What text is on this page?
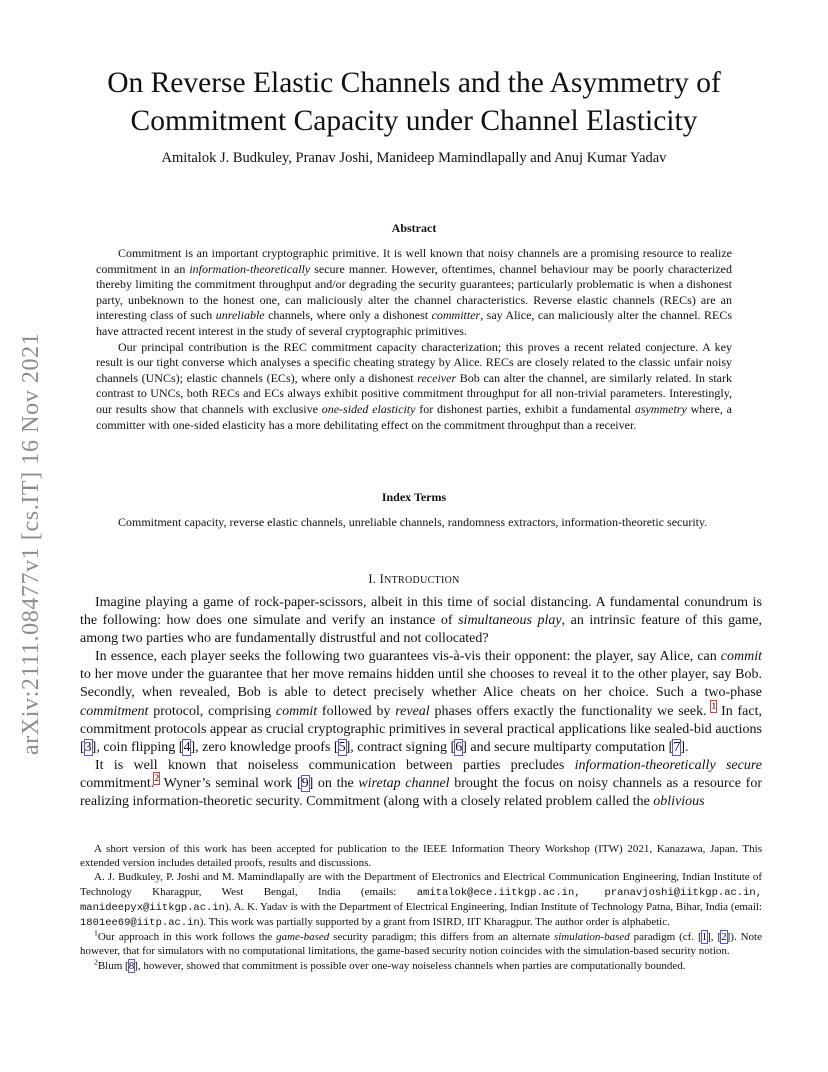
arXiv:2111.08477v1 [cs.IT] 16 Nov 2021
On Reverse Elastic Channels and the Asymmetry of Commitment Capacity under Channel Elasticity
Amitalok J. Budkuley, Pranav Joshi, Manideep Mamindlapally and Anuj Kumar Yadav
Abstract

Commitment is an important cryptographic primitive. It is well known that noisy channels are a promising resource to realize commitment in an information-theoretically secure manner. However, oftentimes, channel behaviour may be poorly characterized thereby limiting the commitment throughput and/or degrading the security guarantees; particularly problematic is when a dishonest party, unbeknown to the honest one, can maliciously alter the channel characteristics. Reverse elastic channels (RECs) are an interesting class of such unreliable channels, where only a dishonest committer, say Alice, can maliciously alter the channel. RECs have attracted recent interest in the study of several cryptographic primitives.

Our principal contribution is the REC commitment capacity characterization; this proves a recent related conjecture. A key result is our tight converse which analyses a specific cheating strategy by Alice. RECs are closely related to the classic unfair noisy channels (UNCs); elastic channels (ECs), where only a dishonest receiver Bob can alter the channel, are similarly related. In stark contrast to UNCs, both RECs and ECs always exhibit positive commitment throughput for all non-trivial parameters. Interestingly, our results show that channels with exclusive one-sided elasticity for dishonest parties, exhibit a fundamental asymmetry where, a committer with one-sided elasticity has a more debilitating effect on the commitment throughput than a receiver.

Index Terms
Commitment capacity, reverse elastic channels, unreliable channels, randomness extractors, information-theoretic security.
I. INTRODUCTION

Imagine playing a game of rock-paper-scissors, albeit in this time of social distancing. A fundamental conundrum is the following: how does one simulate and verify an instance of simultaneous play, an intrinsic feature of this game, among two parties who are fundamentally distrustful and not collocated?

In essence, each player seeks the following two guarantees vis-à-vis their opponent: the player, say Alice, can commit to her move under the guarantee that her move remains hidden until she chooses to reveal it to the other player, say Bob. Secondly, when revealed, Bob is able to detect precisely whether Alice cheats on her choice. Such a two-phase commitment protocol, comprising commit followed by reveal phases offers exactly the functionality we seek. $^1$ In fact, commitment protocols appear as crucial cryptographic primitives in several practical applications like sealed-bid auctions [3], coin flipping [4], zero knowledge proofs [5], contract signing [6] and secure multiparty computation [7].

It is well known that noiseless communication between parties precludes information-theoretically secure commitment.$^2$ Wyner’s seminal work [9] on the wiretap channel brought the focus on noisy channels as a resource for realizing information-theoretic security. Commitment (along with a closely related problem called the oblivious

A short version of this work has been accepted for publication to the IEEE Information Theory Workshop (ITW) 2021, Kanazawa, Japan. This extended version includes detailed proofs, results and discussions.

A. J. Budkuley, P. Joshi and M. Mamindlapally are with the Department of Electronics and Electrical Communication Engineering, Indian Institute of Technology Kharagpur, West Bengal, India (emails: amitalok@ece.iitkgp.ac.in, pranavjoshi@iitkgp.ac.in, manideepyx@iitkgp.ac.in). A. K. Yadav is with the Department of Electrical Engineering, Indian Institute of Technology Patna, Bihar, India (email: 1801ee69@iitp.ac.in). This work was partially supported by a grant from ISIRD, IIT Kharagpur. The author order is alphabetic.

$^1$Our approach in this work follows the game-based security paradigm; this differs from an alternate simulation-based paradigm (cf. [1], [2]). Note however, that for simulators with no computational limitations, the game-based security notion coincides with the simulation-based security notion.

$^2$Blum [8], however, showed that commitment is possible over one-way noiseless channels when parties are computationally bounded.
